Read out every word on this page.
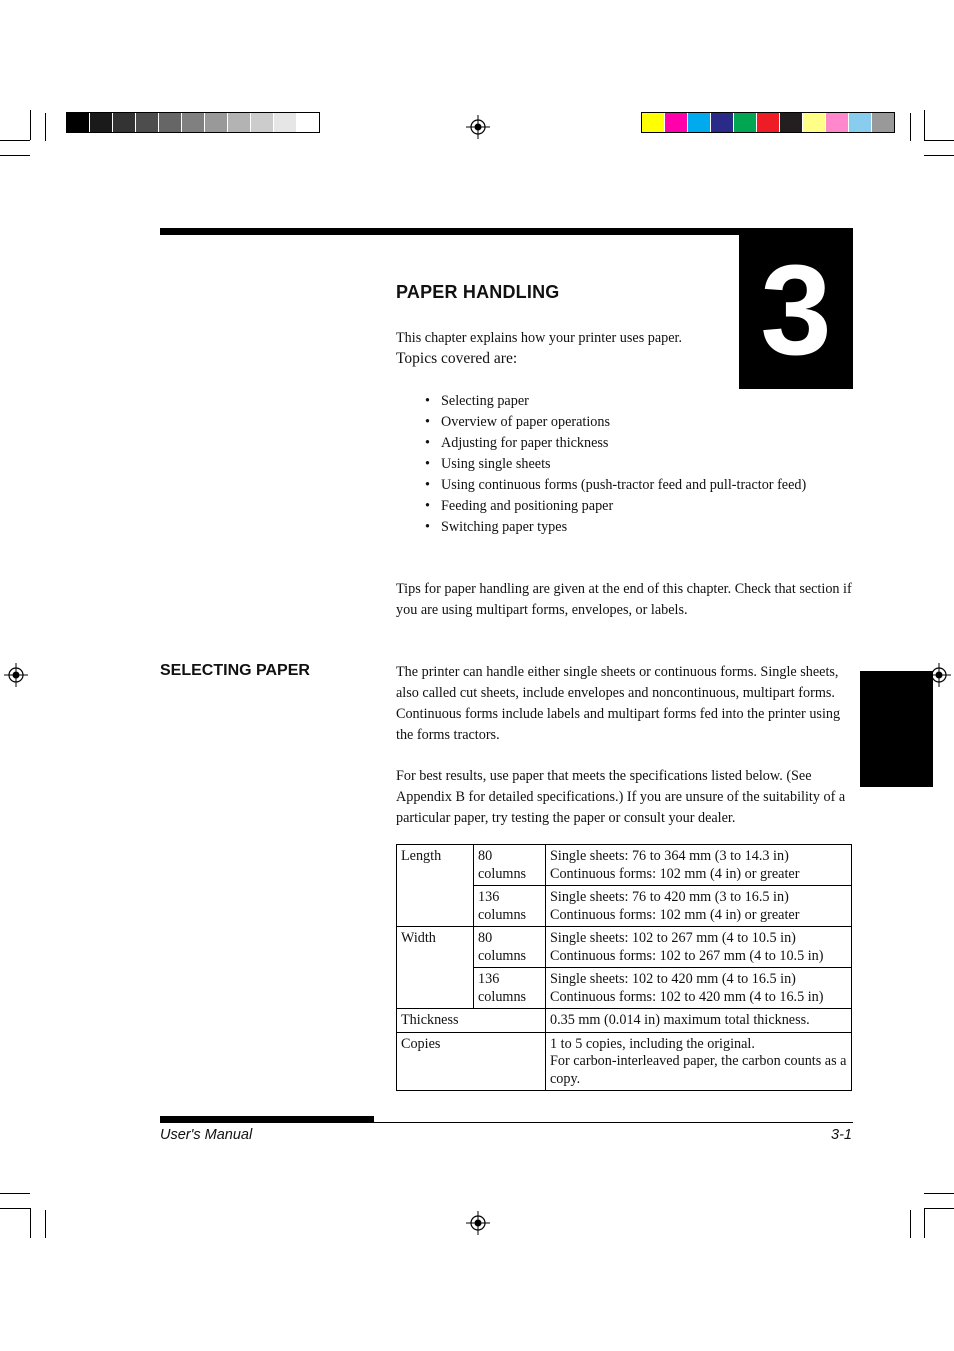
3
PAPER HANDLING
This chapter explains how your printer uses paper.
Topics covered are:
• Selecting paper
• Overview of paper operations
• Adjusting for paper thickness
• Using single sheets
• Using continuous forms (push-tractor feed and pull-tractor feed)
• Feeding and positioning paper
• Switching paper types
Tips for paper handling are given at the end of this chapter. Check that section if you are using multipart forms, envelopes, or labels.
SELECTING PAPER	The printer can handle either single sheets or continuous forms. Single sheets, also called cut sheets, include envelopes and noncontinuous, multipart forms. Continuous forms include labels and multipart forms fed into the printer using the forms tractors.
For best results, use paper that meets the specifications listed below. (See Appendix B for detailed specifications.) If you are unsure of the suitability of a particular paper, try testing the paper or consult your dealer.
Length	80 columns	Single sheets: 76 to 364 mm (3 to 14.3 in)
Continuous forms: 102 mm (4 in) or greater

	136 columns	Single sheets: 76 to 420 mm (3 to 16.5 in)
Continuous forms: 102 mm (4 in) or greater

Width	80 columns	Single sheets: 102 to 267 mm (4 to 10.5 in)
Continuous forms: 102 to 267 mm (4 to 10.5 in)

	136 columns	Single sheets: 102 to 420 mm (4 to 16.5 in)
Continuous forms: 102 to 420 mm (4 to 16.5 in)

Thickness		0.35 mm (0.014 in) maximum total thickness.
Copies		1 to 5 copies, including the original.
For carbon-interleaved paper, the carbon counts as a copy.
User's Manual	3-1
